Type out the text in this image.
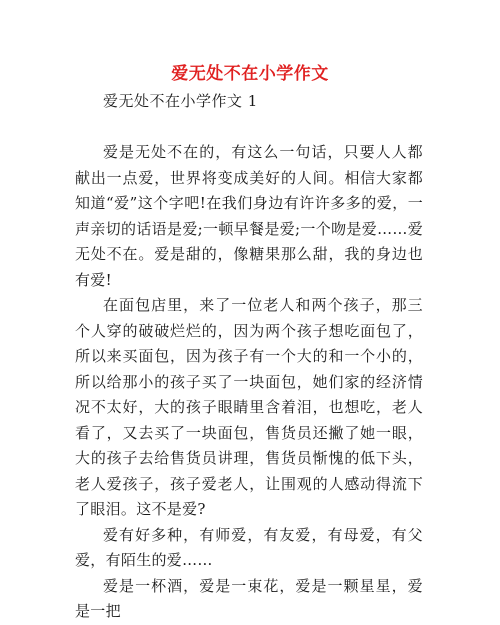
爱无处不在小学作文
爱无处不在小学作文 1

爱是无处不在的，有这么一句话，只要人人都献出一点爱，世界将变成美好的人间。相信大家都知道“爱”这个字吧!在我们身边有许许多多的爱，一声亲切的话语是爱;一顿早餐是爱;一个吻是爱……爱无处不在。爱是甜的，像糖果那么甜，我的身边也有爱!

在面包店里，来了一位老人和两个孩子，那三个人穿的破破烂烂的，因为两个孩子想吃面包了，所以来买面包，因为孩子有一个大的和一个小的，所以给那小的孩子买了一块面包，她们家的经济情况不太好，大的孩子眼睛里含着泪，也想吃，老人看了，又去买了一块面包，售货员还撇了她一眼，大的孩子去给售货员讲理，售货员惭愧的低下头，老人爱孩子，孩子爱老人，让围观的人感动得流下了眼泪。这不是爱?

爱有好多种，有师爱，有友爱，有母爱，有父爱，有陌生的爱……

爱是一杯酒，爱是一束花，爱是一颗星星，爱是一把
